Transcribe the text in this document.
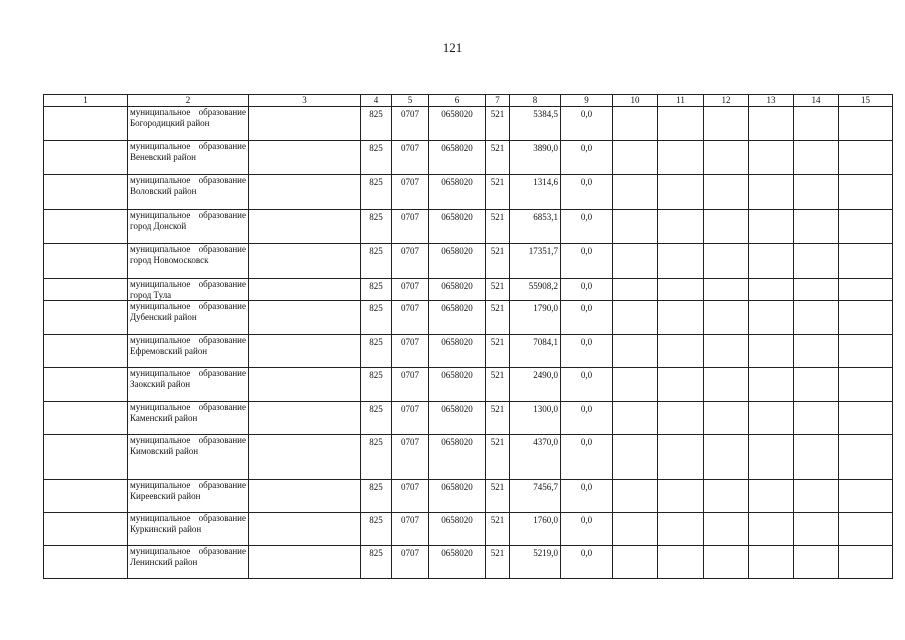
121
1	2	3	4	5	6	7	8	9	10	11	12	13	14	15
	муниципальное образование Богородицкий район		825	0707	0658020	521	5384,5	0,0						
	муниципальное образование Веневский район		825	0707	0658020	521	3890,0	0,0						
	муниципальное образование Воловский район		825	0707	0658020	521	1314,6	0,0						
	муниципальное образование город Донской		825	0707	0658020	521	6853,1	0,0						
	муниципальное образование город Новомосковск		825	0707	0658020	521	17351,7	0,0						
	муниципальное образование город Тула		825	0707	0658020	521	55908,2	0,0						
	муниципальное образование Дубенский район		825	0707	0658020	521	1790,0	0,0						
	муниципальное образование Ефремовский район		825	0707	0658020	521	7084,1	0,0						
	муниципальное образование Заокский район		825	0707	0658020	521	2490,0	0,0						
	муниципальное образование Каменский район		825	0707	0658020	521	1300,0	0,0						
	муниципальное образование Кимовский район		825	0707	0658020	521	4370,0	0,0						
	муниципальное образование Киреевский район		825	0707	0658020	521	7456,7	0,0						
	муниципальное образование Куркинский район		825	0707	0658020	521	1760,0	0,0						
	муниципальное образование Ленинский район		825	0707	0658020	521	5219,0	0,0						
